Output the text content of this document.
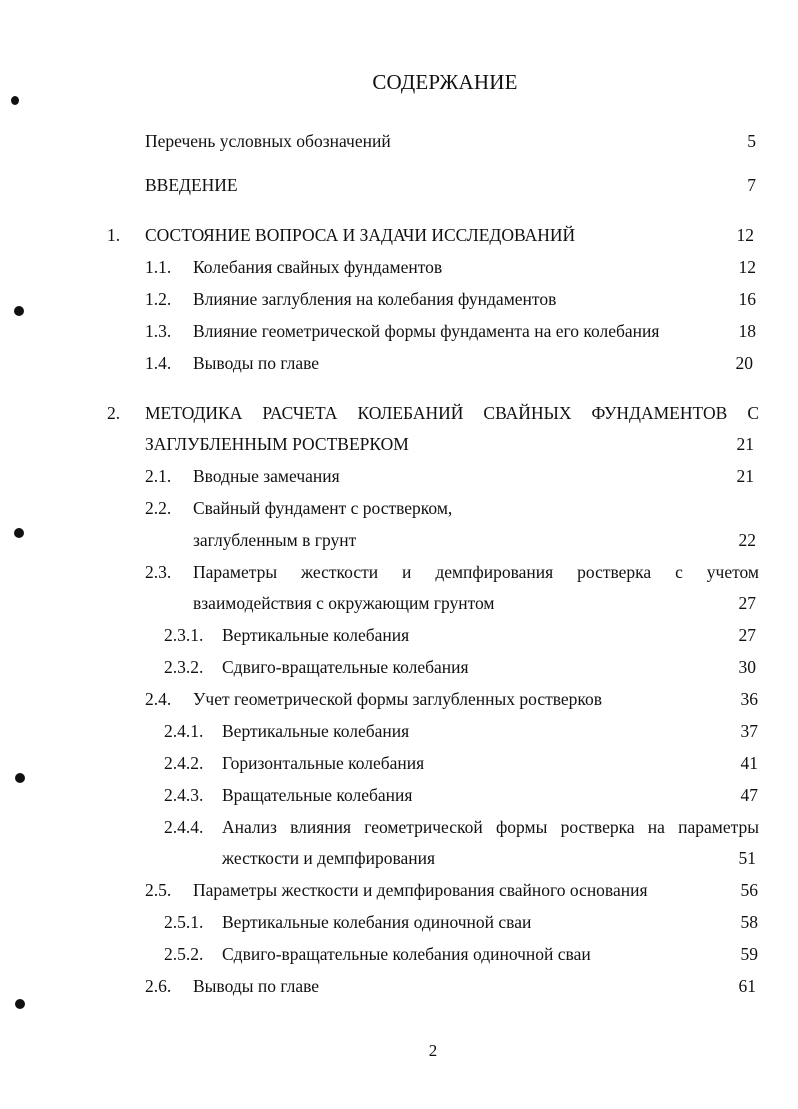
СОДЕРЖАНИЕ
Перечень условных обозначений	5
ВВЕДЕНИЕ	7
1. СОСТОЯНИЕ ВОПРОСА И ЗАДАЧИ ИССЛЕДОВАНИЙ	12
1.1. Колебания свайных фундаментов	12
1.2. Влияние заглубления на колебания фундаментов	16
1.3. Влияние геометрической формы фундамента на его колебания	18
1.4. Выводы по главе	20
2. МЕТОДИКА РАСЧЕТА КОЛЕБАНИЙ СВАЙНЫХ ФУНДАМЕНТОВ С
ЗАГЛУБЛЕННЫМ РОСТВЕРКОМ	21
2.1. Вводные замечания	21
2.2. Свайный фундамент с ростверком,
заглубленным в грунт	22
2.3. Параметры жесткости и демпфирования ростверка с учетом
взаимодействия с окружающим грунтом	27
2.3.1. Вертикальные колебания	27
2.3.2. Сдвиго-вращательные колебания	30
2.4. Учет геометрической формы заглубленных ростверков	36
2.4.1. Вертикальные колебания	37
2.4.2. Горизонтальные колебания	41
2.4.3. Вращательные колебания	47
2.4.4. Анализ влияния геометрической формы ростверка на параметры
жесткости и демпфирования	51
2.5. Параметры жесткости и демпфирования свайного основания	56
2.5.1. Вертикальные колебания одиночной сваи	58
2.5.2. Сдвиго-вращательные колебания одиночной сваи	59
2.6. Выводы по главе	61
2
